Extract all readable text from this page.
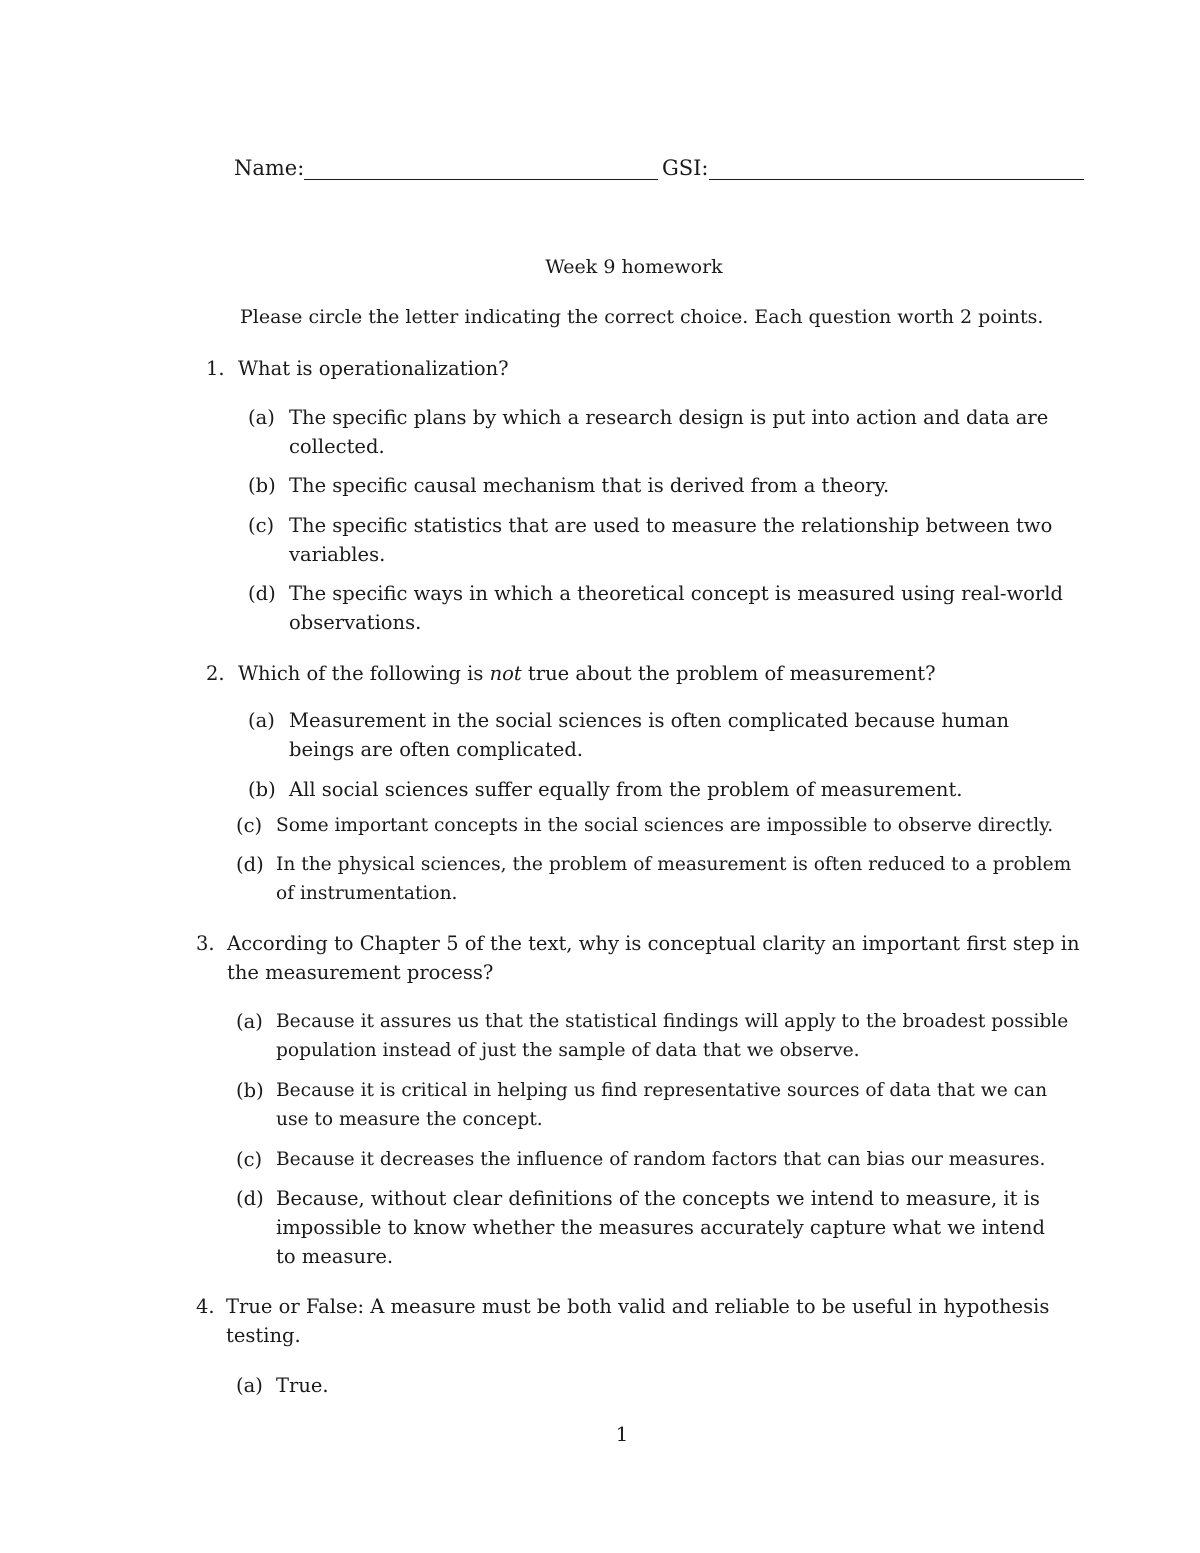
Name:	GSI:
Week 9 homework
Please circle the letter indicating the correct choice. Each question worth 2 points.
1. What is operationalization?
(a) The specific plans by which a research design is put into action and data are collected.
(b) The specific causal mechanism that is derived from a theory.
(c) The specific statistics that are used to measure the relationship between two variables.
(d) The specific ways in which a theoretical concept is measured using real-world observations.
2. Which of the following is not true about the problem of measurement?
(a) Measurement in the social sciences is often complicated because human beings are often complicated.
(b) All social sciences suffer equally from the problem of measurement.
(c) Some important concepts in the social sciences are impossible to observe directly.
(d) In the physical sciences, the problem of measurement is often reduced to a problem of instrumentation.
3. According to Chapter 5 of the text, why is conceptual clarity an important first step in the measurement process?
(a) Because it assures us that the statistical findings will apply to the broadest possible population instead of just the sample of data that we observe.
(b) Because it is critical in helping us find representative sources of data that we can use to measure the concept.
(c) Because it decreases the influence of random factors that can bias our measures.
(d) Because, without clear definitions of the concepts we intend to measure, it is impossible to know whether the measures accurately capture what we intend to measure.
4. True or False: A measure must be both valid and reliable to be useful in hypothesis testing.
(a) True.
1
